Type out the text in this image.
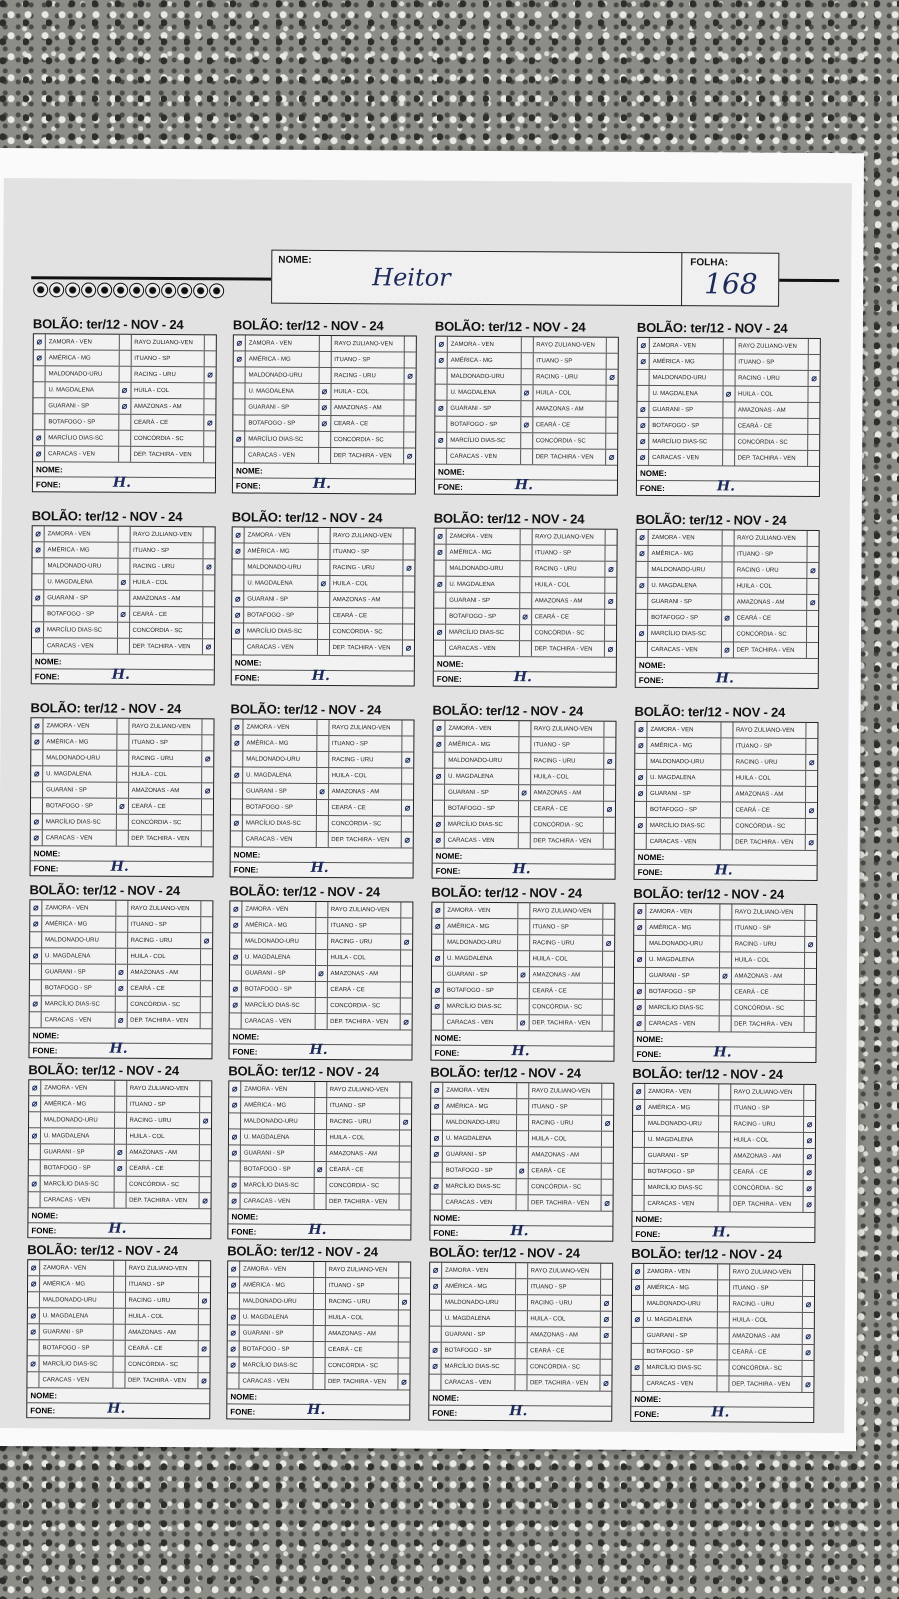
NOME:
Heitor
FOLHA:
168
BOLÃO: ter/12 - NOV - 24
⌀	ZAMORA - VEN	RAYO ZULIANO-VEN
⌀	AMÉRICA - MG	ITUANO - SP
MALDONADO-URU	RACING - URU	⌀
U. MAGDALENA	⌀	HUILA - COL
GUARANI - SP	⌀	AMAZONAS - AM
BOTAFOGO - SP	CEARÁ - CE	⌀
⌀	MARCÍLIO DIAS-SC	CONCÓRDIA - SC
⌀	CARACAS - VEN	DEP. TACHIRA - VEN
NOME:
FONE:	H.
BOLÃO: ter/12 - NOV - 24
⌀	ZAMORA - VEN	RAYO ZULIANO-VEN
⌀	AMÉRICA - MG	ITUANO - SP
MALDONADO-URU	RACING - URU	⌀
U. MAGDALENA	⌀	HUILA - COL
GUARANI - SP	⌀	AMAZONAS - AM
BOTAFOGO - SP	⌀	CEARÁ - CE
⌀	MARCÍLIO DIAS-SC	CONCÓRDIA - SC
CARACAS - VEN	DEP. TACHIRA - VEN	⌀
NOME:
FONE:	H.
BOLÃO: ter/12 - NOV - 24
⌀	ZAMORA - VEN	RAYO ZULIANO-VEN
⌀	AMÉRICA - MG	ITUANO - SP
MALDONADO-URU	RACING - URU	⌀
U. MAGDALENA	⌀	HUILA - COL
⌀	GUARANI - SP	AMAZONAS - AM
BOTAFOGO - SP	⌀	CEARÁ - CE
⌀	MARCÍLIO DIAS-SC	CONCÓRDIA - SC
CARACAS - VEN	DEP. TACHIRA - VEN	⌀
NOME:
FONE:	H.
BOLÃO: ter/12 - NOV - 24
⌀	ZAMORA - VEN	RAYO ZULIANO-VEN
⌀	AMÉRICA - MG	ITUANO - SP
MALDONADO-URU	RACING - URU	⌀
U. MAGDALENA	⌀	HUILA - COL
⌀	GUARANI - SP	AMAZONAS - AM
⌀	BOTAFOGO - SP	CEARÁ - CE
⌀	MARCÍLIO DIAS-SC	CONCÓRDIA - SC
⌀	CARACAS - VEN	DEP. TACHIRA - VEN
NOME:
FONE:	H.
BOLÃO: ter/12 - NOV - 24
⌀	ZAMORA - VEN	RAYO ZULIANO-VEN
⌀	AMÉRICA - MG	ITUANO - SP
MALDONADO-URU	RACING - URU	⌀
U. MAGDALENA	⌀	HUILA - COL
⌀	GUARANI - SP	AMAZONAS - AM
BOTAFOGO - SP	⌀	CEARÁ - CE
⌀	MARCÍLIO DIAS-SC	CONCÓRDIA - SC
CARACAS - VEN	DEP. TACHIRA - VEN	⌀
NOME:
FONE:	H.
BOLÃO: ter/12 - NOV - 24
⌀	ZAMORA - VEN	RAYO ZULIANO-VEN
⌀	AMÉRICA - MG	ITUANO - SP
MALDONADO-URU	RACING - URU	⌀
U. MAGDALENA	⌀	HUILA - COL
⌀	GUARANI - SP	AMAZONAS - AM
⌀	BOTAFOGO - SP	CEARÁ - CE
⌀	MARCÍLIO DIAS-SC	CONCÓRDIA - SC
CARACAS - VEN	DEP. TACHIRA - VEN	⌀
NOME:
FONE:	H.
BOLÃO: ter/12 - NOV - 24
⌀	ZAMORA - VEN	RAYO ZULIANO-VEN
⌀	AMÉRICA - MG	ITUANO - SP
MALDONADO-URU	RACING - URU	⌀
⌀	U. MAGDALENA	HUILA - COL
GUARANI - SP	AMAZONAS - AM	⌀
BOTAFOGO - SP	⌀	CEARÁ - CE
⌀	MARCÍLIO DIAS-SC	CONCÓRDIA - SC
CARACAS - VEN	DEP. TACHIRA - VEN	⌀
NOME:
FONE:	H.
BOLÃO: ter/12 - NOV - 24
⌀	ZAMORA - VEN	RAYO ZULIANO-VEN
⌀	AMÉRICA - MG	ITUANO - SP
MALDONADO-URU	RACING - URU	⌀
⌀	U. MAGDALENA	HUILA - COL
GUARANI - SP	AMAZONAS - AM	⌀
BOTAFOGO - SP	⌀	CEARÁ - CE
⌀	MARCÍLIO DIAS-SC	CONCÓRDIA - SC
CARACAS - VEN	⌀	DEP. TACHIRA - VEN
NOME:
FONE:	H.
BOLÃO: ter/12 - NOV - 24
⌀	ZAMORA - VEN	RAYO ZULIANO-VEN
⌀	AMÉRICA - MG	ITUANO - SP
MALDONADO-URU	RACING - URU	⌀
⌀	U. MAGDALENA	HUILA - COL
GUARANI - SP	AMAZONAS - AM	⌀
BOTAFOGO - SP	⌀	CEARÁ - CE
⌀	MARCÍLIO DIAS-SC	CONCÓRDIA - SC
⌀	CARACAS - VEN	DEP. TACHIRA - VEN
NOME:
FONE:	H.
BOLÃO: ter/12 - NOV - 24
⌀	ZAMORA - VEN	RAYO ZULIANO-VEN
⌀	AMÉRICA - MG	ITUANO - SP
MALDONADO-URU	RACING - URU	⌀
⌀	U. MAGDALENA	HUILA - COL
GUARANI - SP	⌀	AMAZONAS - AM
BOTAFOGO - SP	CEARÁ - CE	⌀
⌀	MARCÍLIO DIAS-SC	CONCÓRDIA - SC
CARACAS - VEN	DEP. TACHIRA - VEN	⌀
NOME:
FONE:	H.
BOLÃO: ter/12 - NOV - 24
⌀	ZAMORA - VEN	RAYO ZULIANO-VEN
⌀	AMÉRICA - MG	ITUANO - SP
MALDONADO-URU	RACING - URU	⌀
⌀	U. MAGDALENA	HUILA - COL
GUARANI - SP	⌀	AMAZONAS - AM
BOTAFOGO - SP	CEARÁ - CE	⌀
⌀	MARCÍLIO DIAS-SC	CONCÓRDIA - SC
⌀	CARACAS - VEN	DEP. TACHIRA - VEN
NOME:
FONE:	H.
BOLÃO: ter/12 - NOV - 24
⌀	ZAMORA - VEN	RAYO ZULIANO-VEN
⌀	AMÉRICA - MG	ITUANO - SP
MALDONADO-URU	RACING - URU	⌀
⌀	U. MAGDALENA	HUILA - COL
⌀	GUARANI - SP	AMAZONAS - AM
BOTAFOGO - SP	CEARÁ - CE	⌀
⌀	MARCÍLIO DIAS-SC	CONCÓRDIA - SC
CARACAS - VEN	DEP. TACHIRA - VEN	⌀
NOME:
FONE:	H.
BOLÃO: ter/12 - NOV - 24
⌀	ZAMORA - VEN	RAYO ZULIANO-VEN
⌀	AMÉRICA - MG	ITUANO - SP
MALDONADO-URU	RACING - URU	⌀
⌀	U. MAGDALENA	HUILA - COL
GUARANI - SP	⌀	AMAZONAS - AM
BOTAFOGO - SP	⌀	CEARÁ - CE
⌀	MARCÍLIO DIAS-SC	CONCÓRDIA - SC
CARACAS - VEN	⌀	DEP. TACHIRA - VEN
NOME:
FONE:	H.
BOLÃO: ter/12 - NOV - 24
⌀	ZAMORA - VEN	RAYO ZULIANO-VEN
⌀	AMÉRICA - MG	ITUANO - SP
MALDONADO-URU	RACING - URU	⌀
⌀	U. MAGDALENA	HUILA - COL
GUARANI - SP	⌀	AMAZONAS - AM
⌀	BOTAFOGO - SP	CEARÁ - CE
⌀	MARCÍLIO DIAS-SC	CONCÓRDIA - SC
CARACAS - VEN	DEP. TACHIRA - VEN	⌀
NOME:
FONE:	H.
BOLÃO: ter/12 - NOV - 24
⌀	ZAMORA - VEN	RAYO ZULIANO-VEN
⌀	AMÉRICA - MG	ITUANO - SP
MALDONADO-URU	RACING - URU	⌀
⌀	U. MAGDALENA	HUILA - COL
GUARANI - SP	⌀	AMAZONAS - AM
⌀	BOTAFOGO - SP	CEARÁ - CE
⌀	MARCÍLIO DIAS-SC	CONCÓRDIA - SC
CARACAS - VEN	⌀	DEP. TACHIRA - VEN
NOME:
FONE:	H.
BOLÃO: ter/12 - NOV - 24
⌀	ZAMORA - VEN	RAYO ZULIANO-VEN
⌀	AMÉRICA - MG	ITUANO - SP
MALDONADO-URU	RACING - URU	⌀
⌀	U. MAGDALENA	HUILA - COL
GUARANI - SP	⌀	AMAZONAS - AM
⌀	BOTAFOGO - SP	CEARÁ - CE
⌀	MARCÍLIO DIAS-SC	CONCÓRDIA - SC
⌀	CARACAS - VEN	DEP. TACHIRA - VEN
NOME:
FONE:	H.
BOLÃO: ter/12 - NOV - 24
⌀	ZAMORA - VEN	RAYO ZULIANO-VEN
⌀	AMÉRICA - MG	ITUANO - SP
MALDONADO-URU	RACING - URU	⌀
⌀	U. MAGDALENA	HUILA - COL
GUARANI - SP	⌀	AMAZONAS - AM
BOTAFOGO - SP	⌀	CEARÁ - CE
⌀	MARCÍLIO DIAS-SC	CONCÓRDIA - SC
CARACAS - VEN	DEP. TACHIRA - VEN	⌀
NOME:
FONE:	H.
BOLÃO: ter/12 - NOV - 24
⌀	ZAMORA - VEN	RAYO ZULIANO-VEN
⌀	AMÉRICA - MG	ITUANO - SP
MALDONADO-URU	RACING - URU	⌀
⌀	U. MAGDALENA	HUILA - COL
⌀	GUARANI - SP	AMAZONAS - AM
BOTAFOGO - SP	⌀	CEARÁ - CE
⌀	MARCÍLIO DIAS-SC	CONCÓRDIA - SC
⌀	CARACAS - VEN	DEP. TACHIRA - VEN
NOME:
FONE:	H.
BOLÃO: ter/12 - NOV - 24
⌀	ZAMORA - VEN	RAYO ZULIANO-VEN
⌀	AMÉRICA - MG	ITUANO - SP
MALDONADO-URU	RACING - URU	⌀
⌀	U. MAGDALENA	HUILA - COL
⌀	GUARANI - SP	AMAZONAS - AM
BOTAFOGO - SP	⌀	CEARÁ - CE
⌀	MARCÍLIO DIAS-SC	CONCÓRDIA - SC
CARACAS - VEN	DEP. TACHIRA - VEN	⌀
NOME:
FONE:	H.
BOLÃO: ter/12 - NOV - 24
⌀	ZAMORA - VEN	RAYO ZULIANO-VEN
⌀	AMÉRICA - MG	ITUANO - SP
MALDONADO-URU	RACING - URU	⌀
U. MAGDALENA	HUILA - COL	⌀
GUARANI - SP	AMAZONAS - AM	⌀
BOTAFOGO - SP	CEARÁ - CE	⌀
MARCÍLIO DIAS-SC	CONCÓRDIA - SC	⌀
CARACAS - VEN	DEP. TACHIRA - VEN	⌀
NOME:
FONE:	H.
BOLÃO: ter/12 - NOV - 24
⌀	ZAMORA - VEN	RAYO ZULIANO-VEN
⌀	AMÉRICA - MG	ITUANO - SP
MALDONADO-URU	RACING - URU	⌀
⌀	U. MAGDALENA	HUILA - COL
⌀	GUARANI - SP	AMAZONAS - AM
BOTAFOGO - SP	CEARÁ - CE	⌀
⌀	MARCÍLIO DIAS-SC	CONCÓRDIA - SC
CARACAS - VEN	DEP. TACHIRA - VEN	⌀
NOME:
FONE:	H.
BOLÃO: ter/12 - NOV - 24
⌀	ZAMORA - VEN	RAYO ZULIANO-VEN
⌀	AMÉRICA - MG	ITUANO - SP
MALDONADO-URU	RACING - URU	⌀
⌀	U. MAGDALENA	HUILA - COL
⌀	GUARANI - SP	AMAZONAS - AM
⌀	BOTAFOGO - SP	CEARÁ - CE
⌀	MARCÍLIO DIAS-SC	CONCÓRDIA - SC
CARACAS - VEN	DEP. TACHIRA - VEN	⌀
NOME:
FONE:	H.
BOLÃO: ter/12 - NOV - 24
⌀	ZAMORA - VEN	RAYO ZULIANO-VEN
⌀	AMÉRICA - MG	ITUANO - SP
MALDONADO-URU	RACING - URU	⌀
U. MAGDALENA	HUILA - COL	⌀
GUARANI - SP	AMAZONAS - AM	⌀
⌀	BOTAFOGO - SP	CEARÁ - CE
⌀	MARCÍLIO DIAS-SC	CONCÓRDIA - SC
CARACAS - VEN	DEP. TACHIRA - VEN	⌀
NOME:
FONE:	H.
BOLÃO: ter/12 - NOV - 24
⌀	ZAMORA - VEN	RAYO ZULIANO-VEN
⌀	AMÉRICA - MG	ITUANO - SP
MALDONADO-URU	RACING - URU	⌀
⌀	U. MAGDALENA	HUILA - COL
GUARANI - SP	AMAZONAS - AM	⌀
BOTAFOGO - SP	CEARÁ - CE	⌀
⌀	MARCÍLIO DIAS-SC	CONCÓRDIA - SC
CARACAS - VEN	DEP. TACHIRA - VEN	⌀
NOME:
FONE:	H.
